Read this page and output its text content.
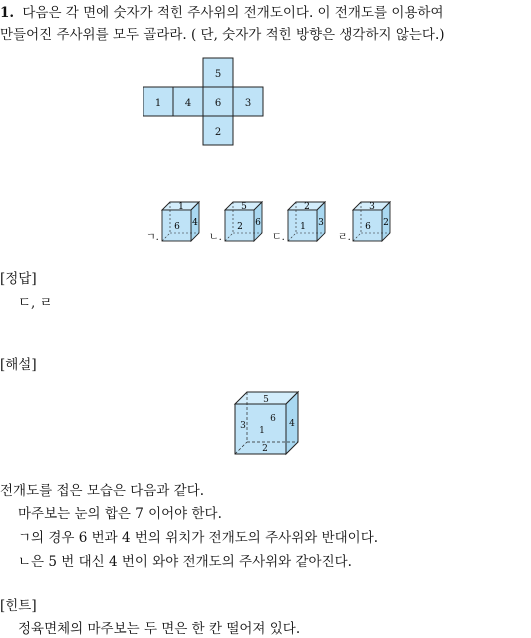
1. 다음은 각 면에 숫자가 적힌 주사위의 전개도이다. 이 전개도를 이용하여
만들어진 주사위를 모두 골라라. ( 단, 숫자가 적힌 방향은 생각하지 않는다.)
5
1 4 6 3
2
1
6 4
ㄱ.
5
2 6
ㄴ.
2
1 3
ㄷ.
3
6 2
ㄹ.
[정답]
ㄷ, ㄹ
[해설]
5
3 1
6 4
2
전개도를 접은 모습은 다음과 같다.
마주보는 눈의 합은 7 이어야 한다.
ㄱ의 경우 6 번과 4 번의 위치가 전개도의 주사위와 반대이다.
ㄴ은 5 번 대신 4 번이 와야 전개도의 주사위와 같아진다.
[힌트]
정육면체의 마주보는 두 면은 한 칸 떨어져 있다.
